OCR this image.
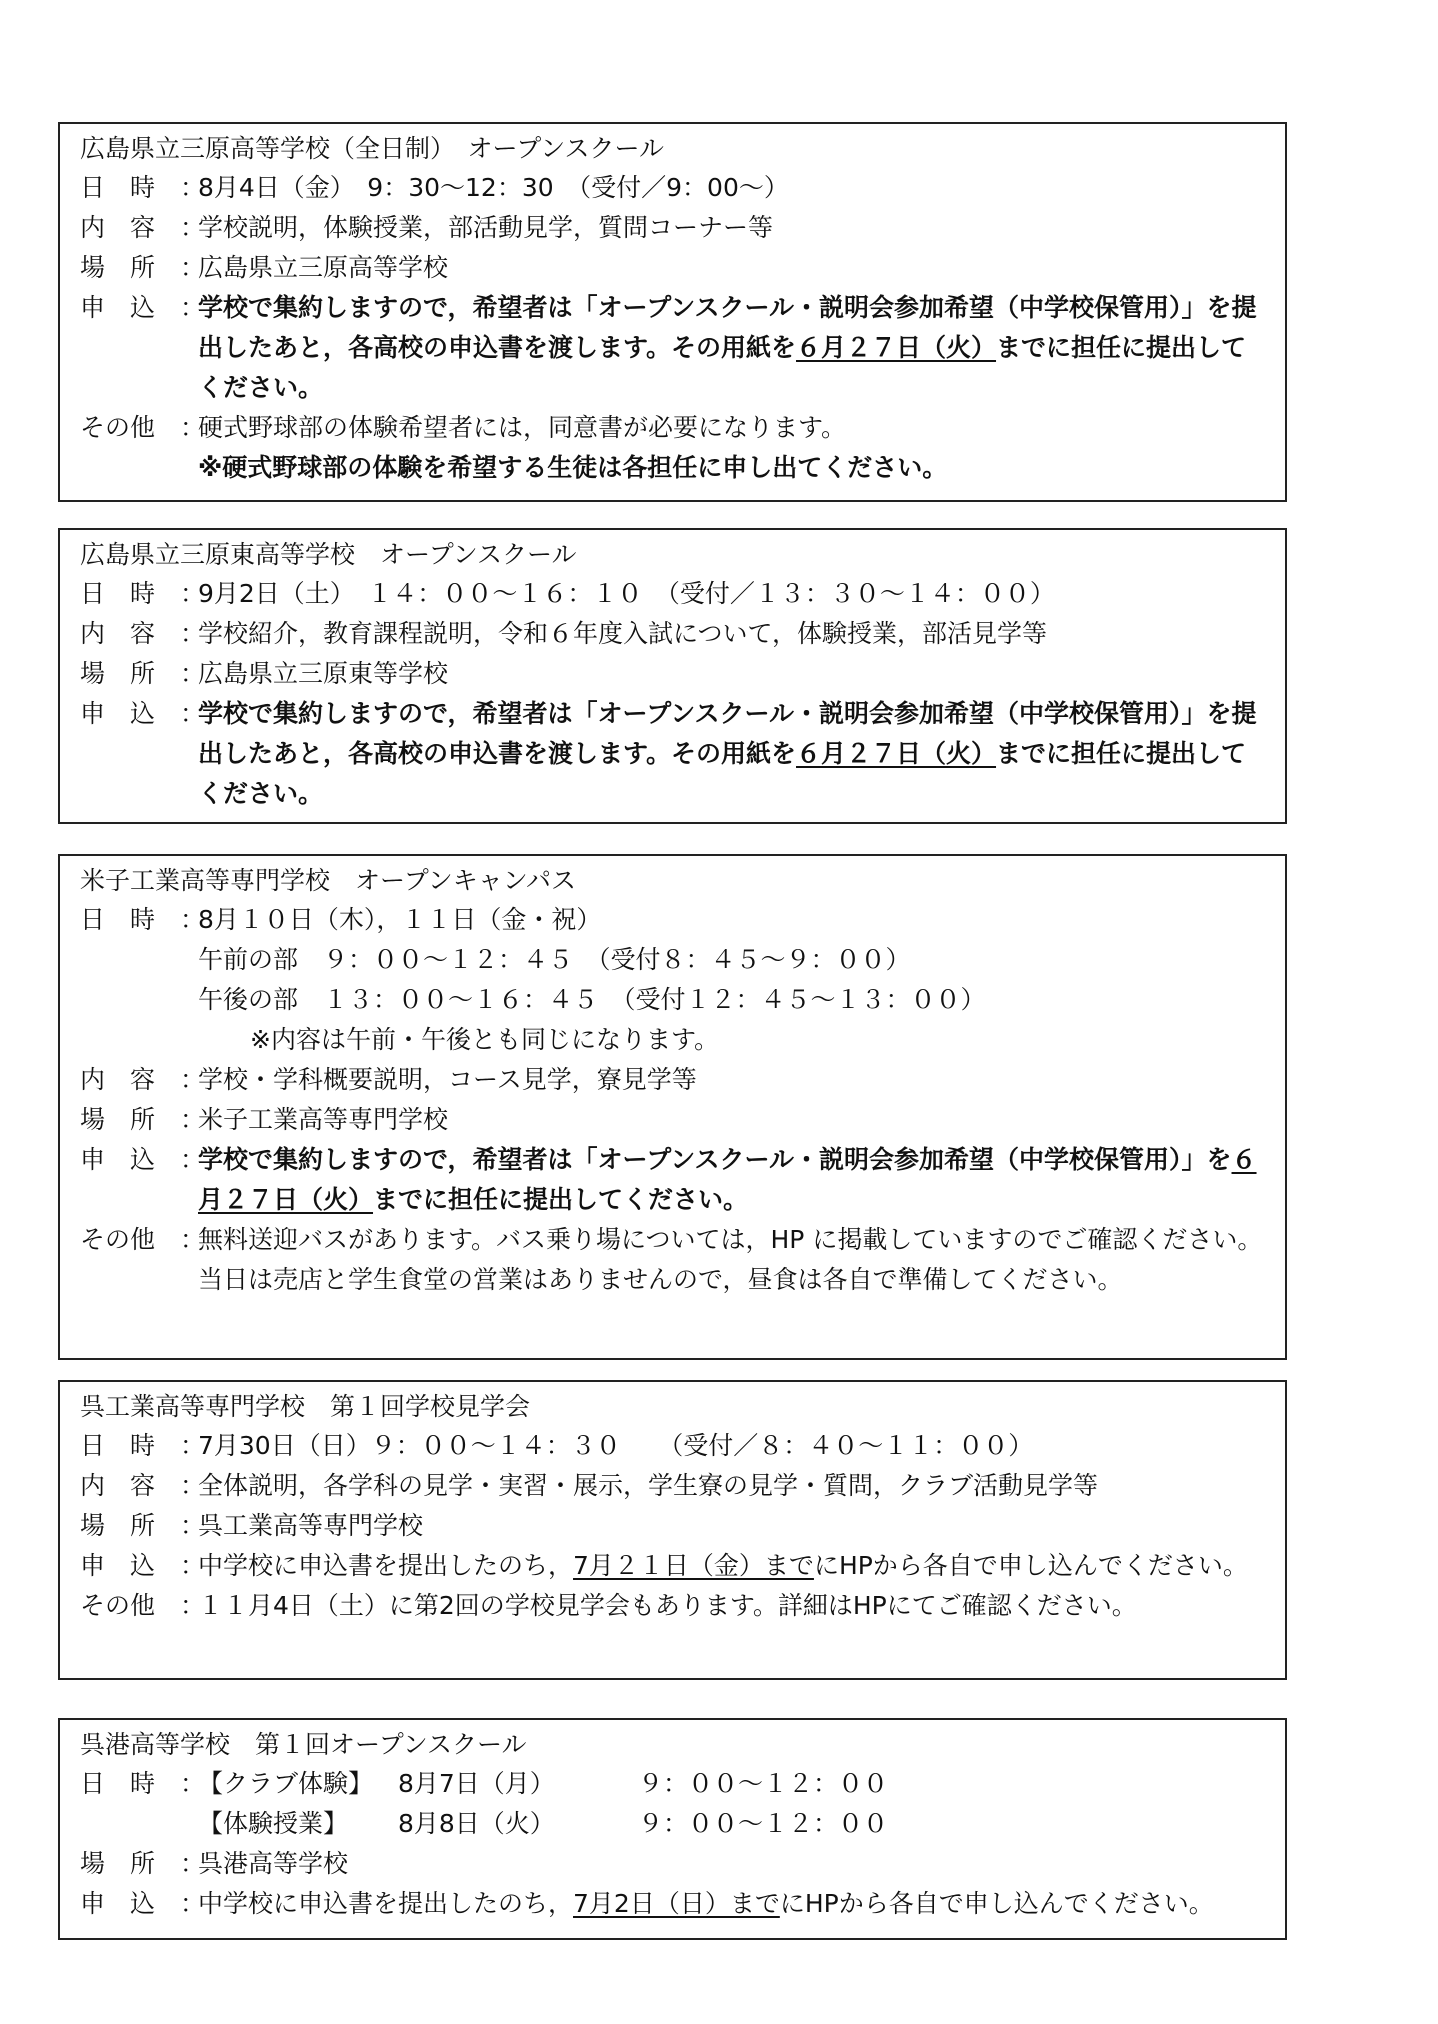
広島県立三原高等学校（全日制）　オープンスクール
日　時 ：
8月4日（金）　9：30～12：30　（受付／9：00～）
内　容 ：
学校説明，体験授業，部活動見学，質問コーナー等
場　所 ：
広島県立三原高等学校
申　込 ：
学校で集約しますので，希望者は「オープンスクール・説明会参加希望（中学校保管用）」を提出したあと，各高校の申込書を渡します。その用紙を６月２７日（火）までに担任に提出してください。
その他 ：
硬式野球部の体験希望者には，同意書が必要になります。
※硬式野球部の体験を希望する生徒は各担任に申し出てください。
広島県立三原東高等学校　オープンスクール
日　時 ：
9月2日（土）　１４：００～１６：１０　（受付／１３：３０～１４：００）
内　容 ：
学校紹介，教育課程説明，令和６年度入試について，体験授業，部活見学等
場　所 ：
広島県立三原東等学校
申　込 ：
学校で集約しますので，希望者は「オープンスクール・説明会参加希望（中学校保管用）」を提出したあと，各高校の申込書を渡します。その用紙を６月２７日（火）までに担任に提出してください。
米子工業高等専門学校　オープンキャンパス
日　時 ：
8月１０日（木），１１日（金・祝）
午前の部　９：００～１２：４５　（受付８：４５～９：００）
午後の部　１３：００～１６：４５　（受付１２：４５～１３：００）
※内容は午前・午後とも同じになります。
内　容 ：
学校・学科概要説明，コース見学，寮見学等
場　所 ：
米子工業高等専門学校
申　込 ：
学校で集約しますので，希望者は「オープンスクール・説明会参加希望（中学校保管用）」を６月２７日（火）までに担任に提出してください。
その他 ：
無料送迎バスがあります。バス乗り場については，HP に掲載していますのでご確認ください。
当日は売店と学生食堂の営業はありませんので，昼食は各自で準備してください。
呉工業高等専門学校　第１回学校見学会
日　時 ：
7月30日（日）９：００～１４：３０　　（受付／８：４０～１１：００）
内　容 ：
全体説明，各学科の見学・実習・展示，学生寮の見学・質問，クラブ活動見学等
場　所 ：
呉工業高等専門学校
申　込 ：
中学校に申込書を提出したのち，7月２１日（金）までにHPから各自で申し込んでください。
その他 ：
１１月4日（土）に第2回の学校見学会もあります。詳細はHPにてご確認ください。
呉港高等学校　第１回オープンスクール
日　時 ：
【クラブ体験】 8月7日（月）	９：００～１２：００
【体験授業】 8月8日（火）	９：００～１２：００
場　所 ：
呉港高等学校
申　込 ：
中学校に申込書を提出したのち，7月2日（日）までにHPから各自で申し込んでください。
